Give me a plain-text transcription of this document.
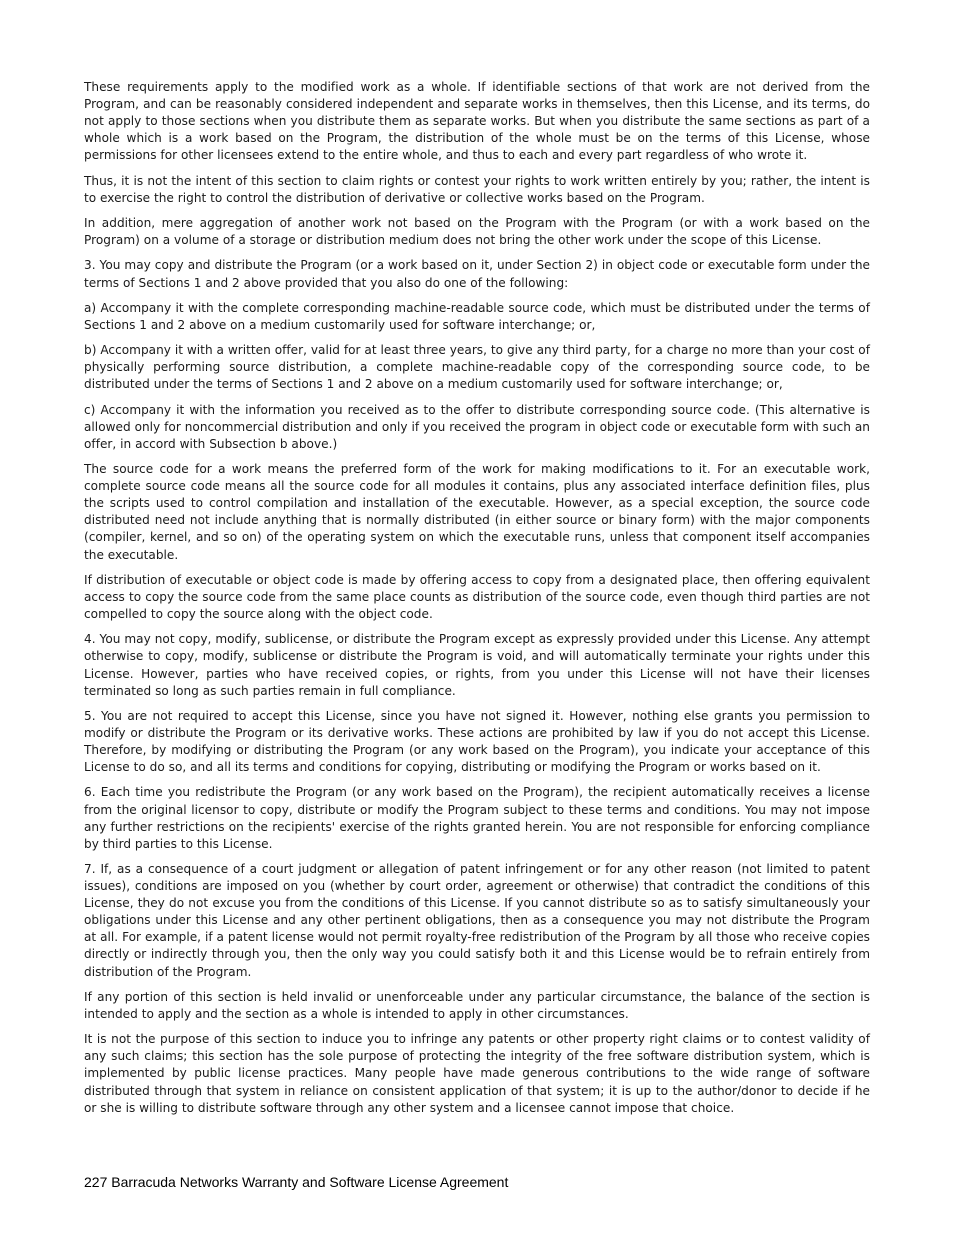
These requirements apply to the modified work as a whole. If identifiable sections of that work are not derived from the Program, and can be reasonably considered independent and separate works in themselves, then this License, and its terms, do not apply to those sections when you distribute them as separate works. But when you distribute the same sections as part of a whole which is a work based on the Program, the distribution of the whole must be on the terms of this License, whose permissions for other licensees extend to the entire whole, and thus to each and every part regardless of who wrote it.

Thus, it is not the intent of this section to claim rights or contest your rights to work written entirely by you; rather, the intent is to exercise the right to control the distribution of derivative or collective works based on the Program.

In addition, mere aggregation of another work not based on the Program with the Program (or with a work based on the Program) on a volume of a storage or distribution medium does not bring the other work under the scope of this License.

3. You may copy and distribute the Program (or a work based on it, under Section 2) in object code or executable form under the terms of Sections 1 and 2 above provided that you also do one of the following:

a) Accompany it with the complete corresponding machine-readable source code, which must be distributed under the terms of Sections 1 and 2 above on a medium customarily used for software interchange; or,

b) Accompany it with a written offer, valid for at least three years, to give any third party, for a charge no more than your cost of physically performing source distribution, a complete machine-readable copy of the corresponding source code, to be distributed under the terms of Sections 1 and 2 above on a medium customarily used for software interchange; or,

c) Accompany it with the information you received as to the offer to distribute corresponding source code. (This alternative is allowed only for noncommercial distribution and only if you received the program in object code or executable form with such an offer, in accord with Subsection b above.)

The source code for a work means the preferred form of the work for making modifications to it. For an executable work, complete source code means all the source code for all modules it contains, plus any associated interface definition files, plus the scripts used to control compilation and installation of the executable. However, as a special exception, the source code distributed need not include anything that is normally distributed (in either source or binary form) with the major components (compiler, kernel, and so on) of the operating system on which the executable runs, unless that component itself accompanies the executable.

If distribution of executable or object code is made by offering access to copy from a designated place, then offering equivalent access to copy the source code from the same place counts as distribution of the source code, even though third parties are not compelled to copy the source along with the object code.

4. You may not copy, modify, sublicense, or distribute the Program except as expressly provided under this License. Any attempt otherwise to copy, modify, sublicense or distribute the Program is void, and will automatically terminate your rights under this License. However, parties who have received copies, or rights, from you under this License will not have their licenses terminated so long as such parties remain in full compliance.

5. You are not required to accept this License, since you have not signed it. However, nothing else grants you permission to modify or distribute the Program or its derivative works. These actions are prohibited by law if you do not accept this License. Therefore, by modifying or distributing the Program (or any work based on the Program), you indicate your acceptance of this License to do so, and all its terms and conditions for copying, distributing or modifying the Program or works based on it.

6. Each time you redistribute the Program (or any work based on the Program), the recipient automatically receives a license from the original licensor to copy, distribute or modify the Program subject to these terms and conditions. You may not impose any further restrictions on the recipients' exercise of the rights granted herein. You are not responsible for enforcing compliance by third parties to this License.

7. If, as a consequence of a court judgment or allegation of patent infringement or for any other reason (not limited to patent issues), conditions are imposed on you (whether by court order, agreement or otherwise) that contradict the conditions of this License, they do not excuse you from the conditions of this License. If you cannot distribute so as to satisfy simultaneously your obligations under this License and any other pertinent obligations, then as a consequence you may not distribute the Program at all. For example, if a patent license would not permit royalty-free redistribution of the Program by all those who receive copies directly or indirectly through you, then the only way you could satisfy both it and this License would be to refrain entirely from distribution of the Program.

If any portion of this section is held invalid or unenforceable under any particular circumstance, the balance of the section is intended to apply and the section as a whole is intended to apply in other circumstances.

It is not the purpose of this section to induce you to infringe any patents or other property right claims or to contest validity of any such claims; this section has the sole purpose of protecting the integrity of the free software distribution system, which is implemented by public license practices. Many people have made generous contributions to the wide range of software distributed through that system in reliance on consistent application of that system; it is up to the author/donor to decide if he or she is willing to distribute software through any other system and a licensee cannot impose that choice.

227 Barracuda Networks Warranty and Software License Agreement
